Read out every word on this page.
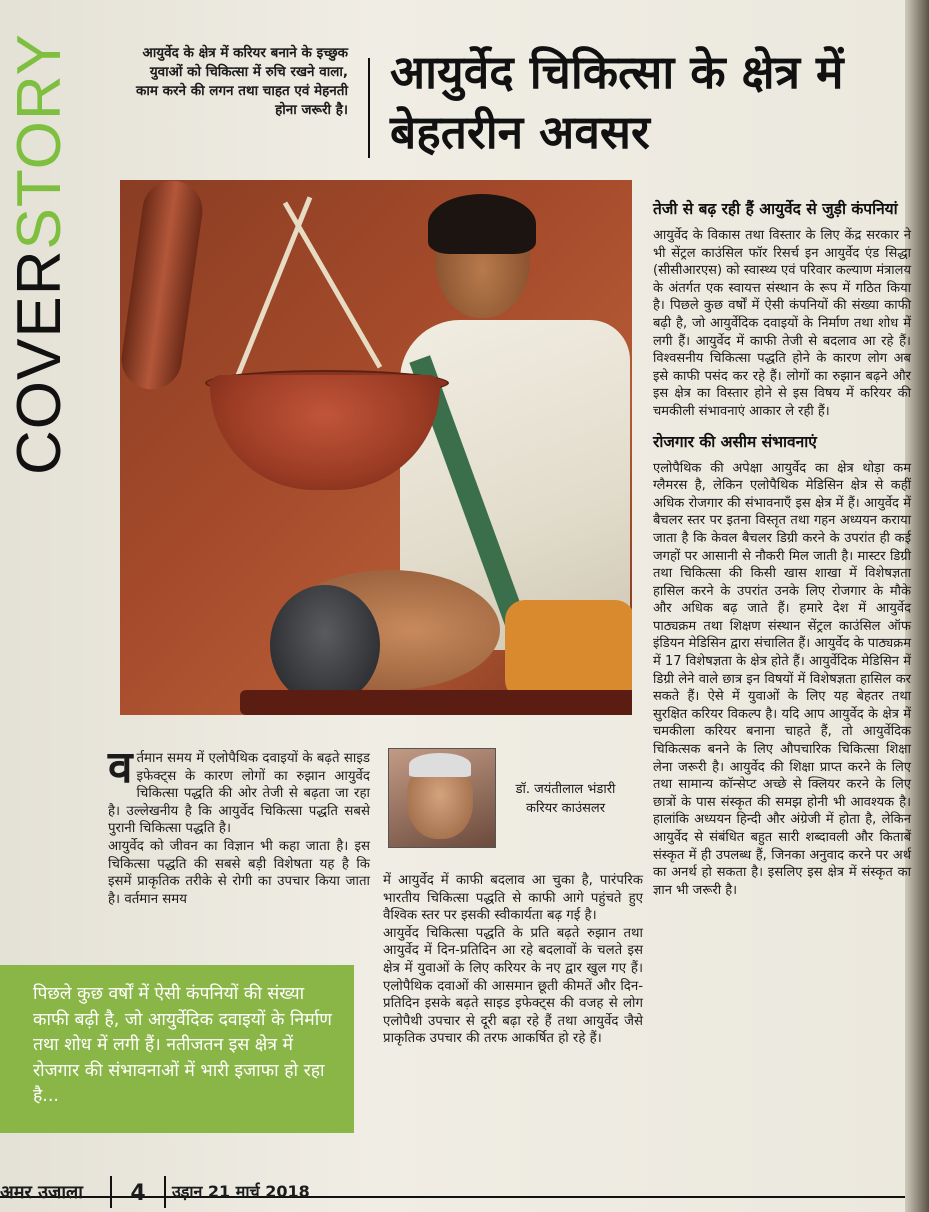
COVERSTORY	आयुर्वेद के क्षेत्र में करियर बनाने के इच्छुक युवाओं को चिकित्सा में रुचि रखने वाला, काम करने की लगन तथा चाहत एवं मेहनती होना जरूरी है।
आयुर्वेद चिकित्सा के क्षेत्र में बेहतरीन अवसर
व र्तमान समय में एलोपैथिक दवाइयों के बढ़ते साइड इफेक्ट्स के कारण लोगों का रुझान आयुर्वेद चिकित्सा पद्धति की ओर तेजी से बढ़ता जा रहा है। उल्लेखनीय है कि आयुर्वेद चिकित्सा पद्धति सबसे पुरानी चिकित्सा पद्धति है।

आयुर्वेद को जीवन का विज्ञान भी कहा जाता है। इस चिकित्सा पद्धति की सबसे बड़ी विशेषता यह है कि इसमें प्राकृतिक तरीके से रोगी का उपचार किया जाता है। वर्तमान समय

डॉ. जयंतीलाल भंडारी
करियर काउंसलर

में आयुर्वेद में काफी बदलाव आ चुका है, पारंपरिक भारतीय चिकित्सा पद्धति से काफी आगे पहुंचते हुए वैश्विक स्तर पर इसकी स्वीकार्यता बढ़ गई है।

आयुर्वेद चिकित्सा पद्धति के प्रति बढ़ते रुझान तथा आयुर्वेद में दिन-प्रतिदिन आ रहे बदलावों के चलते इस क्षेत्र में युवाओं के लिए करियर के नए द्वार खुल गए हैं। एलोपैथिक दवाओं की आसमान छूती कीमतें और दिन-प्रतिदिन इसके बढ़ते साइड इफेक्ट्स की वजह से लोग एलोपैथी उपचार से दूरी बढ़ा रहे हैं तथा आयुर्वेद जैसे प्राकृतिक उपचार की तरफ आकर्षित हो रहे हैं।

पिछले कुछ वर्षों में ऐसी कंपनियों की संख्या काफी बढ़ी है, जो आयुर्वेदिक दवाइयों के निर्माण तथा शोध में लगी हैं। नतीजतन इस क्षेत्र में रोजगार की संभावनाओं में भारी इजाफा हो रहा है...
तेजी से बढ़ रही हैं आयुर्वेद से जुड़ी कंपनियां

आयुर्वेद के विकास तथा विस्तार के लिए केंद्र सरकार ने भी सेंट्रल काउंसिल फॉर रिसर्च इन आयुर्वेद एंड सिद्धा (सीसीआरएस) को स्वास्थ्य एवं परिवार कल्याण मंत्रालय के अंतर्गत एक स्वायत्त संस्थान के रूप में गठित किया है। पिछले कुछ वर्षों में ऐसी कंपनियों की संख्या काफी बढ़ी है, जो आयुर्वेदिक दवाइयों के निर्माण तथा शोध में लगी हैं। आयुर्वेद में काफी तेजी से बदलाव आ रहे हैं। विश्वसनीय चिकित्सा पद्धति होने के कारण लोग अब इसे काफी पसंद कर रहे हैं। लोगों का रुझान बढ़ने और इस क्षेत्र का विस्तार होने से इस विषय में करियर की चमकीली संभावनाएं आकार ले रही हैं।

रोजगार की असीम संभावनाएं

एलोपैथिक की अपेक्षा आयुर्वेद का क्षेत्र थोड़ा कम ग्लैमरस है, लेकिन एलोपैथिक मेडिसिन क्षेत्र से कहीं अधिक रोजगार की संभावनाएँ इस क्षेत्र में हैं। आयुर्वेद में बैचलर स्तर पर इतना विस्तृत तथा गहन अध्ययन कराया जाता है कि केवल बैचलर डिग्री करने के उपरांत ही कई जगहों पर आसानी से नौकरी मिल जाती है। मास्टर डिग्री तथा चिकित्सा की किसी खास शाखा में विशेषज्ञता हासिल करने के उपरांत उनके लिए रोजगार के मौके और अधिक बढ़ जाते हैं। हमारे देश में आयुर्वेद पाठ्यक्रम तथा शिक्षण संस्थान सेंट्रल काउंसिल ऑफ इंडियन मेडिसिन द्वारा संचालित हैं। आयुर्वेद के पाठ्यक्रम में 17 विशेषज्ञता के क्षेत्र होते हैं। आयुर्वेदिक मेडिसिन में डिग्री लेने वाले छात्र इन विषयों में विशेषज्ञता हासिल कर सकते हैं। ऐसे में युवाओं के लिए यह बेहतर तथा सुरक्षित करियर विकल्प है। यदि आप आयुर्वेद के क्षेत्र में चमकीला करियर बनाना चाहते हैं, तो आयुर्वेदिक चिकित्सक बनने के लिए औपचारिक चिकित्सा शिक्षा लेना जरूरी है। आयुर्वेद की शिक्षा प्राप्त करने के लिए तथा सामान्य कॉन्सेप्ट अच्छे से क्लियर करने के लिए छात्रों के पास संस्कृत की समझ होनी भी आवश्यक है। हालांकि अध्ययन हिन्दी और अंग्रेजी में होता है, लेकिन आयुर्वेद से संबंधित बहुत सारी शब्दावली और किताबें संस्कृत में ही उपलब्ध हैं, जिनका अनुवाद करने पर अर्थ का अनर्थ हो सकता है। इसलिए इस क्षेत्र में संस्कृत का ज्ञान भी जरूरी है।

अमर उजाला	4	उड़ान 21 मार्च 2018
